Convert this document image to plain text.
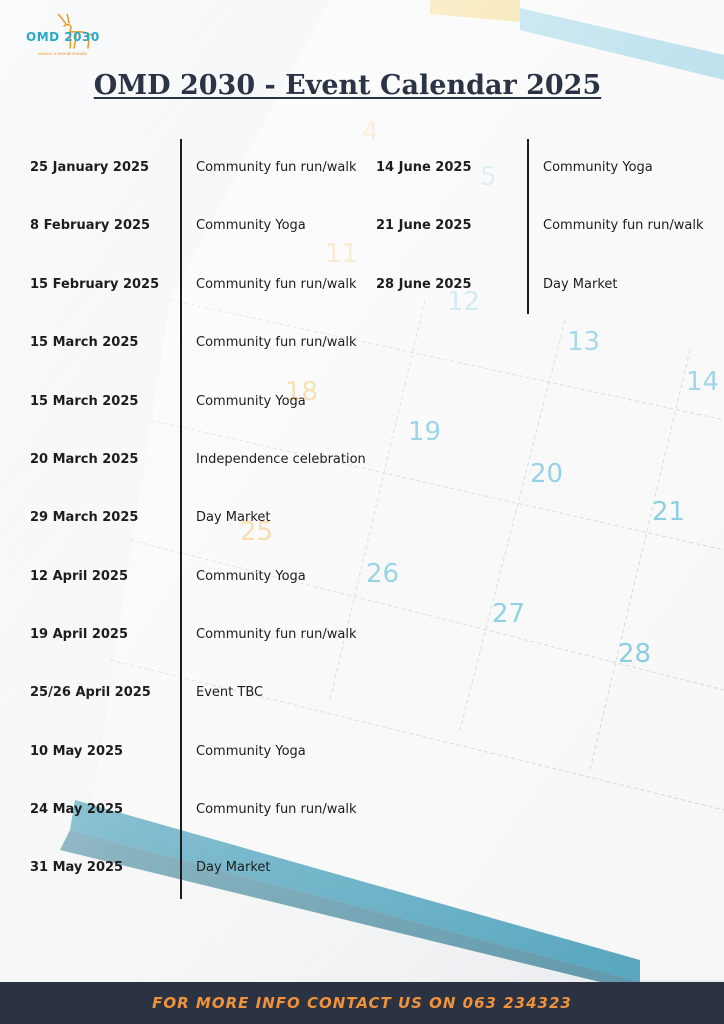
OMD 2030
MAKING A NEW BEGINNING
OMD 2030 - Event Calendar 2025
25 January 2025	Community fun run/walk
8 February 2025	Community Yoga
15 February 2025	Community fun run/walk
15 March 2025	Community fun run/walk
15 March 2025	Community Yoga
20 March 2025	Independence celebration
29 March 2025	Day Market
12 April 2025	Community Yoga
19 April 2025	Community fun run/walk
25/26 April 2025	Event TBC
10 May 2025	Community Yoga
24 May 2025	Community fun run/walk
31 May 2025	Day Market
14 June 2025	Community Yoga
21 June 2025	Community fun run/walk
28 June 2025	Day Market
FOR MORE INFO CONTACT US ON 063 234323
